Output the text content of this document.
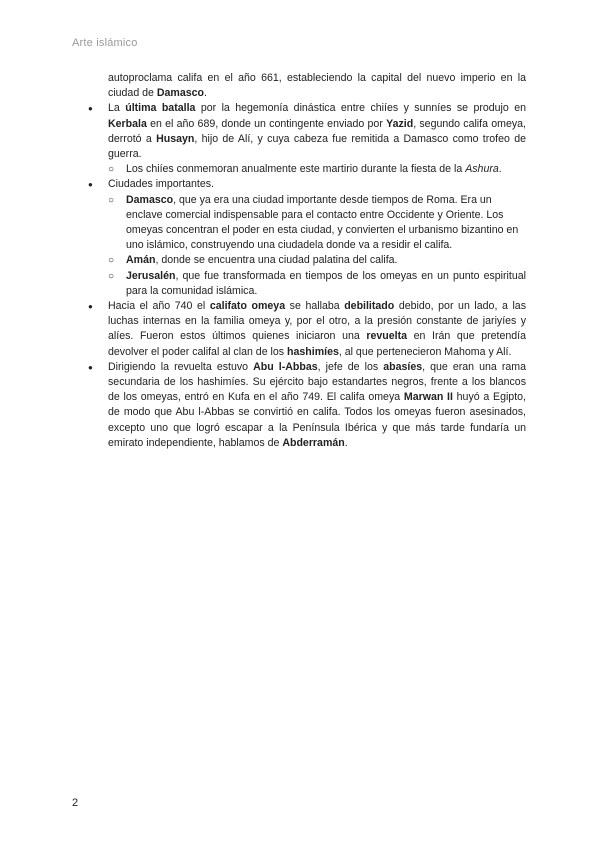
Arte islámico

autoproclama califa en el año 661, estableciendo la capital del nuevo imperio en la ciudad de Damasco.

● La última batalla por la hegemonía dinástica entre chiíes y sunníes se produjo en Kerbala en el año 689, donde un contingente enviado por Yazid, segundo califa omeya, derrotó a Husayn, hijo de Alí, y cuya cabeza fue remitida a Damasco como trofeo de guerra.
○ Los chiíes conmemoran anualmente este martirio durante la fiesta de la Ashura.
● Ciudades importantes.
○ Damasco, que ya era una ciudad importante desde tiempos de Roma. Era un enclave comercial indispensable para el contacto entre Occidente y Oriente. Los omeyas concentran el poder en esta ciudad, y convierten el urbanismo bizantino en uno islámico, construyendo una ciudadela donde va a residir el califa.
○ Amán, donde se encuentra una ciudad palatina del califa.
○ Jerusalén, que fue transformada en tiempos de los omeyas en un punto espiritual para la comunidad islámica.
● Hacia el año 740 el califato omeya se hallaba debilitado debido, por un lado, a las luchas internas en la familia omeya y, por el otro, a la presión constante de jariyíes y alíes. Fueron estos últimos quienes iniciaron una revuelta en Irán que pretendía devolver el poder califal al clan de los hashimíes, al que pertenecieron Mahoma y Alí.
● Dirigiendo la revuelta estuvo Abu l-Abbas, jefe de los abasíes, que eran una rama secundaria de los hashimíes. Su ejército bajo estandartes negros, frente a los blancos de los omeyas, entró en Kufa en el año 749. El califa omeya Marwan II huyó a Egipto, de modo que Abu l-Abbas se convirtió en califa. Todos los omeyas fueron asesinados, excepto uno que logró escapar a la Península Ibérica y que más tarde fundaría un emirato independiente, hablamos de Abderramán.
2
